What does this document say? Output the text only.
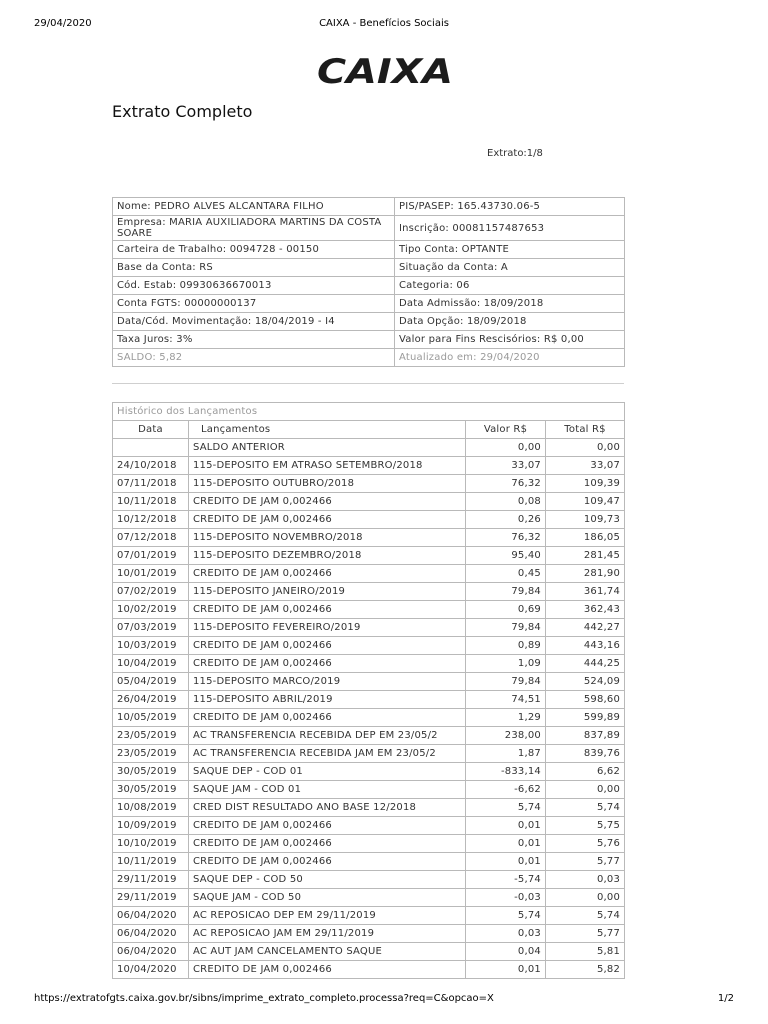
29/04/2020	CAIXA - Benefícios Sociais
CAIXA
Extrato Completo
Extrato:1/8
Nome: PEDRO ALVES ALCANTARA FILHO	PIS/PASEP: 165.43730.06-5
Empresa: MARIA AUXILIADORA MARTINS DA COSTA SOARE	Inscrição: 00081157487653
Carteira de Trabalho: 0094728 - 00150	Tipo Conta: OPTANTE
Base da Conta: RS	Situação da Conta: A
Cód. Estab: 09930636670013	Categoria: 06
Conta FGTS: 00000000137	Data Admissão: 18/09/2018
Data/Cód. Movimentação: 18/04/2019 - I4	Data Opção: 18/09/2018
Taxa Juros: 3%	Valor para Fins Rescisórios: R$ 0,00
SALDO: 5,82	Atualizado em: 29/04/2020
Histórico dos Lançamentos			
Data	Lançamentos	Valor R$	Total R$
	SALDO ANTERIOR	0,00	0,00
24/10/2018	115-DEPOSITO EM ATRASO SETEMBRO/2018	33,07	33,07
07/11/2018	115-DEPOSITO OUTUBRO/2018	76,32	109,39
10/11/2018	CREDITO DE JAM 0,002466	0,08	109,47
10/12/2018	CREDITO DE JAM 0,002466	0,26	109,73
07/12/2018	115-DEPOSITO NOVEMBRO/2018	76,32	186,05
07/01/2019	115-DEPOSITO DEZEMBRO/2018	95,40	281,45
10/01/2019	CREDITO DE JAM 0,002466	0,45	281,90
07/02/2019	115-DEPOSITO JANEIRO/2019	79,84	361,74
10/02/2019	CREDITO DE JAM 0,002466	0,69	362,43
07/03/2019	115-DEPOSITO FEVEREIRO/2019	79,84	442,27
10/03/2019	CREDITO DE JAM 0,002466	0,89	443,16
10/04/2019	CREDITO DE JAM 0,002466	1,09	444,25
05/04/2019	115-DEPOSITO MARCO/2019	79,84	524,09
26/04/2019	115-DEPOSITO ABRIL/2019	74,51	598,60
10/05/2019	CREDITO DE JAM 0,002466	1,29	599,89
23/05/2019	AC TRANSFERENCIA RECEBIDA DEP EM 23/05/2	238,00	837,89
23/05/2019	AC TRANSFERENCIA RECEBIDA JAM EM 23/05/2	1,87	839,76
30/05/2019	SAQUE DEP - COD 01	-833,14	6,62
30/05/2019	SAQUE JAM - COD 01	-6,62	0,00
10/08/2019	CRED DIST RESULTADO ANO BASE 12/2018	5,74	5,74
10/09/2019	CREDITO DE JAM 0,002466	0,01	5,75
10/10/2019	CREDITO DE JAM 0,002466	0,01	5,76
10/11/2019	CREDITO DE JAM 0,002466	0,01	5,77
29/11/2019	SAQUE DEP - COD 50	-5,74	0,03
29/11/2019	SAQUE JAM - COD 50	-0,03	0,00
06/04/2020	AC REPOSICAO DEP EM 29/11/2019	5,74	5,74
06/04/2020	AC REPOSICAO JAM EM 29/11/2019	0,03	5,77
06/04/2020	AC AUT JAM CANCELAMENTO SAQUE	0,04	5,81
10/04/2020	CREDITO DE JAM 0,002466	0,01	5,82
https://extratofgts.caixa.gov.br/sibns/imprime_extrato_completo.processa?req=C&opcao=X	1/2
